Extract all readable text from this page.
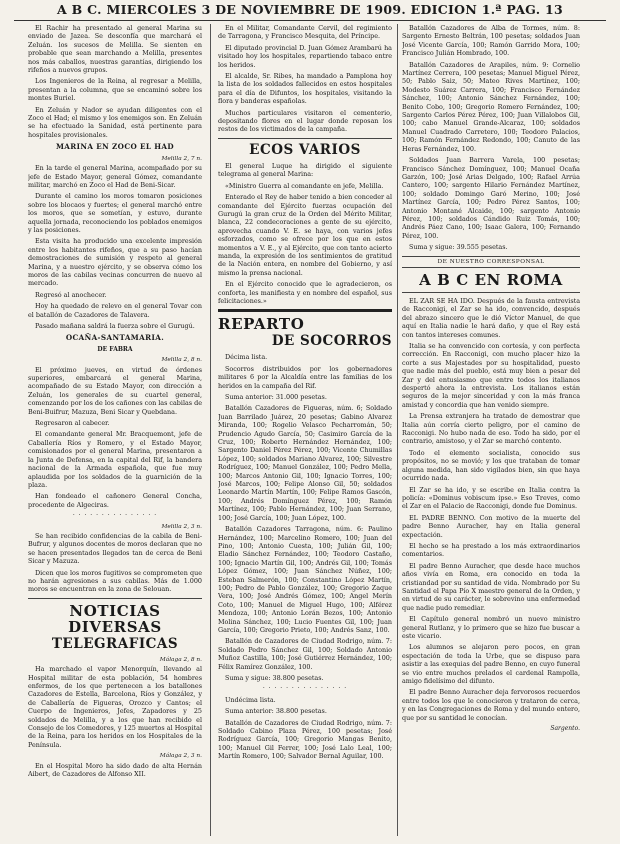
A B C. MIERCOLES 3 DE NOVIEMBRE DE 1909. EDICION 1.ª PAG. 13

El Rachir ha presentado al general Marina su enviado de Jazea. Se desconfía que marchará el Zeluán. los sucesos de Melilla. Se sienten en probable que sean marchando a Melilla, presentes nos más caballos, nuestras garantías, dirigiendo los rifeños a nuevos grupos.

Los Ingenieros de la Reina, al regresar a Melilla, presentan a la columna, que se encaminó sobre los montes Buriel.

En Zeluán y Nador se ayudan diligentes con el Zoco el Had; el mismo y los enemigos son. En Zeluán se ha efectuado la Sanidad, está pertinente para hospitales provisionales.

MARINA EN ZOCO EL HAD
Melilla 2, 7 n.

En la tarde el general Marina, acompañado por su jefe de Estado Mayor, general Gómez, comandante militar, marchó en Zoco el Had de Beni-Sicar.

Durante el camino los moros tomaron posiciones sobre los blocaos y fuertes; el general marchó entre los moros, que se sometían, y estuvo, durante aquella jornada, reconociendo los poblados enemigos y las posiciones.

Esta visita ha producido una excelente impresión entre los habitantes rifeños, que a su paso hacían demostraciones de sumisión y respeto al general Marina, y a nuestro ejército, y se observa cómo los moros de las cabilas vecinas concurren de nuevo al mercado.

Regresó al anochecer.

Hoy ha quedado de relevo en el general Tovar con el batallón de Cazadores de Talavera.

Pasado mañana saldrá la fuerza sobre el Gurugú.

OCAÑA-SANTAMARIA.
DE FABRA
Melilla 2, 8 n.

El próximo jueves, en virtud de órdenes superiores, embarcará el general Marina, acompañado de su Estado Mayor, con dirección a Zeluán, los generales de su cuartel general, comenzando por los de los cañones con las cabilas de Beni-Buifrur, Mazuza, Beni Sicar y Quebdana.

Regresaron al cabecer.

El comandante general Mr. Bracquemont, jefe de Caballería Ríos y Romero, y el Estado Mayor, comisionados por el general Marina, presentaron a la Junta de Defensa, en la capital del Rif, la bandera nacional de la Armada española, que fue muy aplaudida por los soldados de la guarnición de la plaza.

Han fondeado el cañonero General Concha, procedente de Algeciras.

· · · · · · · · · · · · · · ·
Melilla 2, 3 n.

Se han recibido confidencias de la cabila de Beni-Bufrur, y algunos docentes de moros declaran que no se hacen presentados llegados tan de cerca de Beni Sicar y Mazuza.

Dicen que los moros fugitivos se comprometen que no harán agresiones a sus cabilas. Más de 1.000 moros se encuentran en la zona de Selouan.

NOTICIAS DIVERSAS
TELEGRAFICAS
Málaga 2, 8 n.

Ha marchado el vapor Menorquín, llevando al Hospital militar de esta población, 54 hombres enfermos, de los que pertenecen a los batallones Cazadores de Estella, Barcelona, Ríos y González, y de Caballería de Figueras, Orozco y Cantos; el Cuerpo de Ingenieros, Jefes, Zapadores y 25 soldados de Melilla, y a los que han recibido el Consejo de los Comedores, y 125 muertos al Hospital de la Reina, para los heridos en los Hospitales de la Península.

Málaga 2, 3 n.

En el Hospital Moro ha sido dado de alta Hernán Aibert, de Cazadores de Alfonso XII.

En el Militar, Comandante Cervil, del regimiento de Tarragona, y Francisco Mesquita, del Príncipe.

El diputado provincial D. Juan Gómez Arambarú ha visitado hoy los hospitales, repartiendo tabaco entre los heridos.

El alcalde, Sr. Ribes, ha mandado a Pamplona hoy la lista de los soldados fallecidos en estos hospitales para el día de Difuntos, los hospitales, visitando la flora y banderas españolas.

Muchos particulares visitaron el cementerio, depositando flores en el lugar donde reposan los restos de los victimados de la campaña.

ECOS VARIOS

El general Luque ha dirigido el siguiente telegrama al general Marina:

«Ministro Guerra al comandante en jefe, Melilla.

Enterado el Rey de haber tenido a bien conceder al comandante del Ejército fuerzas ocupación del Gurugú la gran cruz de la Orden del Mérito Militar, blanca, 22 condecoraciones a gente de su ejército, aprovecha cuando V. E. se haya, con varios jefes esforzados, como se ofrece por los que en estos momentos a V. E., y al Ejército, que con tanto acierto manda, la expresión de los sentimientos de gratitud de la Nación entera, en nombre del Gobierno, y así mismo la prensa nacional.

En el Ejército conocido que le agradecieron, os conforta, les manifiesta y en nombre del español, sus felicitaciones.»

REPARTO
DE SOCORROS

Décima lista.

Socorros distribuidos por los gobernadores militares 6 por la Alcaldía entre las familias de los heridos en la campaña del Rif.

Suma anterior: 31.000 pesetas.

Batallón Cazadores de Figueras, núm. 6; Soldado Juan Barrilado Juárez, 20 pesetas; Gabino Alvarez Miranda, 100; Rogelio Velasco Pecharromán, 50; Prudencio Agudo García, 50; Casimiro García de la Cruz, 100; Roberto Hernández Hernández, 100; Sargento Daniel Pérez Pérez, 100; Vicente Chumillas López, 100; soldados Mariano Alvarez, 100; Silvestre Rodríguez, 100; Manuel González, 100; Pedro Mella, 100; Marcos Antonio Gil, 100; Ignacio Torres, 100; José Marcos, 100; Felipe Alonso Gil, 50; soldados Leonardo Martín Martín, 100; Felipe Ramos Gascón, 100; Andrés Domínguez Pérez, 100; Ramón Martínez, 100; Pablo Hernández, 100; Juan Serrano, 100; José García, 100; Juan López, 100.

Batallón Cazadores Tarragona, núm. 6: Paulino Hernández, 100; Marcelino Romero, 100; Juan del Pino, 100; Antonio Cuesta, 100; Julián Gil, 100; Eladio Sánchez Fernández, 100; Teodoro Castaño, 100; Ignacio Martín Gil, 100; Andrés Gil, 100; Tomás López Gómez, 100; Juan Sánchez Núñez, 100; Esteban Salmerón, 100; Constantino López Martín, 100; Pedro de Pablo González, 100; Gregorio Zaque Vera, 100; José Andrés Gómez, 100; Angel Merín Coto, 100; Manuel de Miguel Hugo, 100; Alférez Mendoza, 100; Antonio Lorán Bezos, 100; Antonio Molina Sánchez, 100; Lucio Fuentes Gil, 100; Juan García, 100; Gregorio Prieto, 100; Andrés Sanz, 100.

Batallón de Cazadores de Ciudad Rodrigo, núm. 7: Soldado Pedro Sánchez Gil, 100; Soldado Antonio Muñoz Castilla, 100; José Gutiérrez Hernández, 100; Félix Ramírez González, 100.

Suma y sigue: 38.800 pesetas.

· · · · · · · · · · · · · · ·

Undécima lista.

Suma anterior: 38.800 pesetas.

Batallón de Cazadores de Ciudad Rodrigo, núm. 7: Soldado Cabino Plaza Pérez, 100 pesetas; José Rodríguez García, 100; Gregorio Mangas Benito, 100; Manuel Gil Ferrer, 100; José Lalo Leal, 100; Martín Romero, 100; Salvador Bernal Aguilar, 100.

Batallón Cazadores de Alba de Tormes, núm. 8: Sargento Ernesto Beltrán, 100 pesetas; soldados Juan José Vicente García, 100; Ramón Garrido Mora, 100; Francisco Julián Hombrado, 100.

Batallón Cazadores de Arapiles, núm. 9: Cornelio Martínez Cerrera, 100 pesetas; Manuel Miguel Pérez, 50; Pablo Saiz, 50; Mateo Rives Martínez, 100; Modesto Suárez Carrera, 100; Francisco Fernández Sánchez, 100; Antonio Sánchez Fernández, 100; Benito Cobo, 100; Gregorio Romero Fernández, 100; Sargento Carlos Pérez Pérez, 100; Juan Villalobos Gil, 100; cabo Manuel Grande-Alcaraz, 100; soldados Manuel Cuadrado Carretero, 100; Teodoro Palacios, 100; Ramón Fernández Redondo, 100; Canuto de las Heras Fernández, 100.

Soldados Juan Barrera Varela, 100 pesetas; Francisco Sánchez Domínguez, 100; Manuel Ocaña Garzón, 100; José Arias Delgado, 100; Rafael Arrúa Cantero, 100; sargento Hilario Fernández Martínez, 100; soldado Domingo Garó Merino, 100; José Martínez García, 100; Pedro Pérez Santos, 100; Antonio Montané Alcaide, 100; sargento Antonio Pérez, 100; soldados Cándido Ruiz Tomás, 100; Andrés Páez Cano, 100; Isaac Galera, 100; Fernando Pérez, 100.

Suma y sigue: 39.555 pesetas.

DE NUESTRO CORRESPONSAL
A B C EN ROMA

EL ZAR SE HA IDO. Después de la fausta entrevista de Racconigi, el Zar se ha ido, convencido, después del abrazo sincero que le dió Víctor Manuel, de que aquí en Italia nadie le hará daño, y que el Rey está con tantos intereses comunes.

Italia se ha convencido con cortesía, y con perfecta corrección. En Racconigi, con mucho placer hizo la corte a sus Majestades por su hospitalidad, puesto que nadie más del pueblo, está muy bien a pesar del Zar y del entusiasmo que entre todos los italianos despertó ahora la entrevista. Los italianos están seguros de la mejor sinceridad y con la más franca amistad y concordia que han venido siempre.

La Prensa extranjera ha tratado de demostrar que Italia aún corría cierto peligro, por el camino de Racconigi. No hubo nada de eso. Todo ha sido, por el contrario, amistoso, y el Zar se marchó contento.

Todo el elemento socialista, conocido sus propósitos, no se movió; y los que trataban de tomar alguna medida, han sido vigilados bien, sin que haya ocurrido nada.

El Zar se ha ido, y se escribe en Italia contra la policía: «Dominus vobiscum ipse.» Eso Treves, como el Zar en el Palacio de Racconigi, donde fue Dominus.

EL PADRE BENNO. Con motivo de la muerte del padre Benno Auracher, hay en Italia general expectación.

El hecho se ha prestado a los más extraordinarios comentarios.

El padre Benno Auracher, que desde hace muchos años vivía en Roma, era conocido en toda la cristiandad por su santidad de vida. Nombrado por Su Santidad el Papa Pío X maestro general de la Orden, y en virtud de su carácter, le sobrevino una enfermedad que nadie pudo remediar.

El Capítulo general nombró un nuevo ministro general Rutlanz, y lo primero que se hizo fue buscar a este vicario.

Los alumnos se alejaron pero pocos, en gran espectación de toda la Urbe, que se dispuso para asistir a las exequias del padre Benno, en cuyo funeral se vio entre muchos prelados el cardenal Rampolla, amigo fidelísimo del difunto.

El padre Benno Auracher deja fervorosos recuerdos entre todos los que le conocieron y trataron de cerca, y en las Congregaciones de Roma y del mundo entero, que por su santidad le conocían.

Sargento.
